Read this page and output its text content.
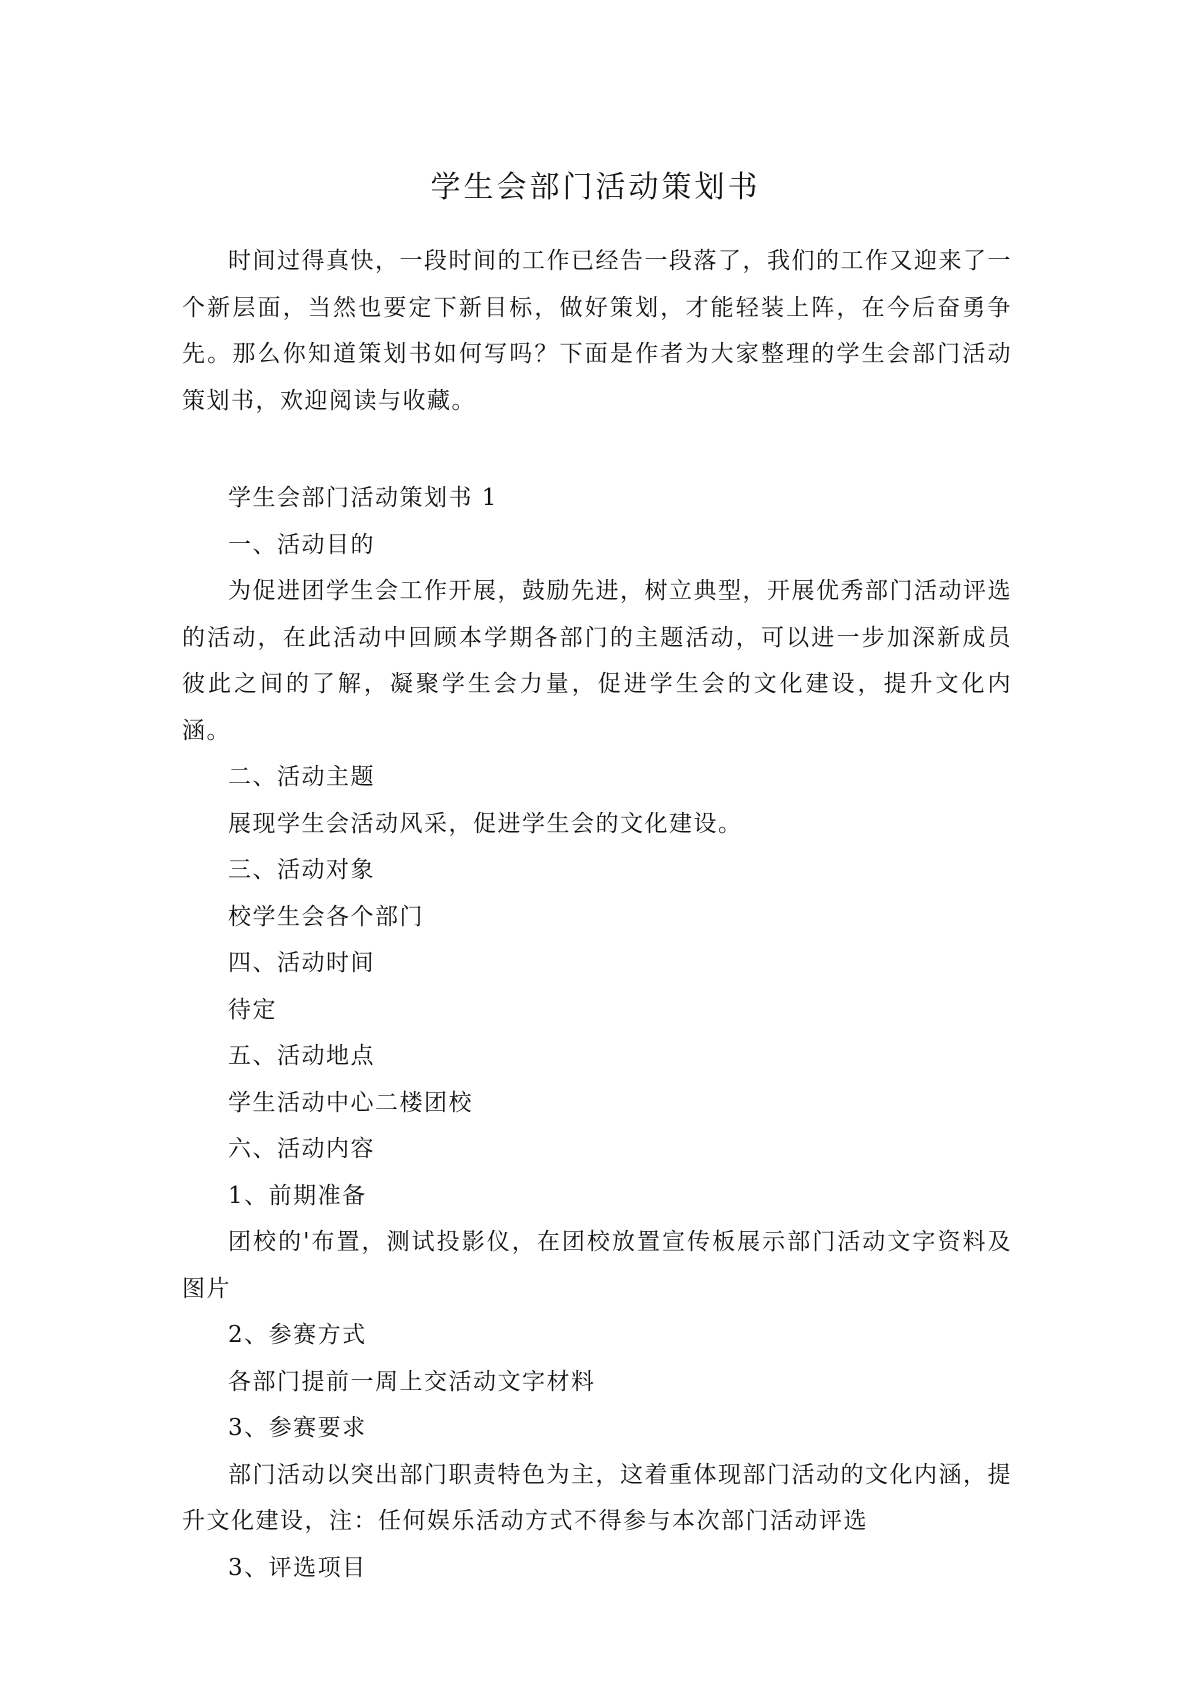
学生会部门活动策划书

时间过得真快，一段时间的工作已经告一段落了，我们的工作又迎来了一个新层面，当然也要定下新目标，做好策划，才能轻装上阵，在今后奋勇争先。那么你知道策划书如何写吗？下面是作者为大家整理的学生会部门活动策划书，欢迎阅读与收藏。

学生会部门活动策划书 1

一、活动目的

为促进团学生会工作开展，鼓励先进，树立典型，开展优秀部门活动评选的活动，在此活动中回顾本学期各部门的主题活动，可以进一步加深新成员彼此之间的了解，凝聚学生会力量，促进学生会的文化建设，提升文化内涵。

二、活动主题

展现学生会活动风采，促进学生会的文化建设。

三、活动对象

校学生会各个部门

四、活动时间

待定

五、活动地点

学生活动中心二楼团校

六、活动内容

1、前期准备

团校的'布置，测试投影仪，在团校放置宣传板展示部门活动文字资料及图片

2、参赛方式

各部门提前一周上交活动文字材料

3、参赛要求

部门活动以突出部门职责特色为主，这着重体现部门活动的文化内涵，提升文化建设，注：任何娱乐活动方式不得参与本次部门活动评选

3、评选项目
